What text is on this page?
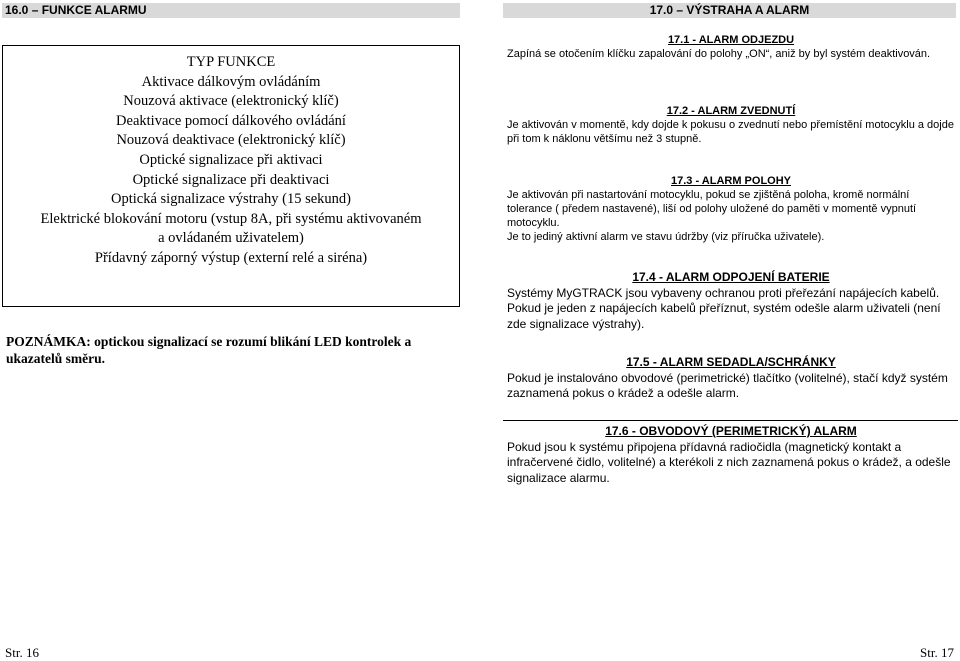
16.0 – FUNKCE ALARMU	17.0 – VÝSTRAHA A ALARM
TYP FUNKCE
Aktivace dálkovým ovládáním
Nouzová aktivace (elektronický klíč)
Deaktivace pomocí dálkového ovládání
Nouzová deaktivace (elektronický klíč)
Optické signalizace při aktivaci
Optické signalizace při deaktivaci
Optická signalizace výstrahy (15 sekund)
Elektrické blokování motoru (vstup 8A, při systému aktivovaném
a ovládaném uživatelem)
Přídavný záporný výstup (externí relé a siréna)
POZNÁMKA: optickou signalizací se rozumí blikání LED kontrolek a ukazatelů směru.
17.1 - ALARM ODJEZDU

Zapíná se otočením klíčku zapalování do polohy „ON“, aniž by byl systém deaktivován.

17.2 - ALARM ZVEDNUTÍ

Je aktivován v momentě, kdy dojde k pokusu o zvednutí nebo přemístění motocyklu a dojde při tom k náklonu většímu než 3 stupně.

17.3 - ALARM POLOHY

Je aktivován při nastartování motocyklu, pokud se zjištěná poloha, kromě normální tolerance ( předem nastavené), liší od polohy uložené do paměti v momentě vypnutí motocyklu.

Je to jediný aktivní alarm ve stavu údržby (viz příručka uživatele).

17.4 - ALARM ODPOJENÍ BATERIE

Systémy MyGTRACK jsou vybaveny ochranou proti přeřezání napájecích kabelů.

Pokud je jeden z napájecích kabelů přeříznut, systém odešle alarm uživateli (není zde signalizace výstrahy).

17.5 - ALARM SEDADLA/SCHRÁNKY

Pokud je instalováno obvodové (perimetrické) tlačítko (volitelné), stačí když systém zaznamená pokus o krádež a odešle alarm.

17.6 - OBVODOVÝ (PERIMETRICKÝ) ALARM

Pokud jsou k systému připojena přídavná radiočidla (magnetický kontakt a infračervené čidlo, volitelné) a kterékoli z nich zaznamená pokus o krádež, a odešle signalizace alarmu.

Str. 16	Str. 17
